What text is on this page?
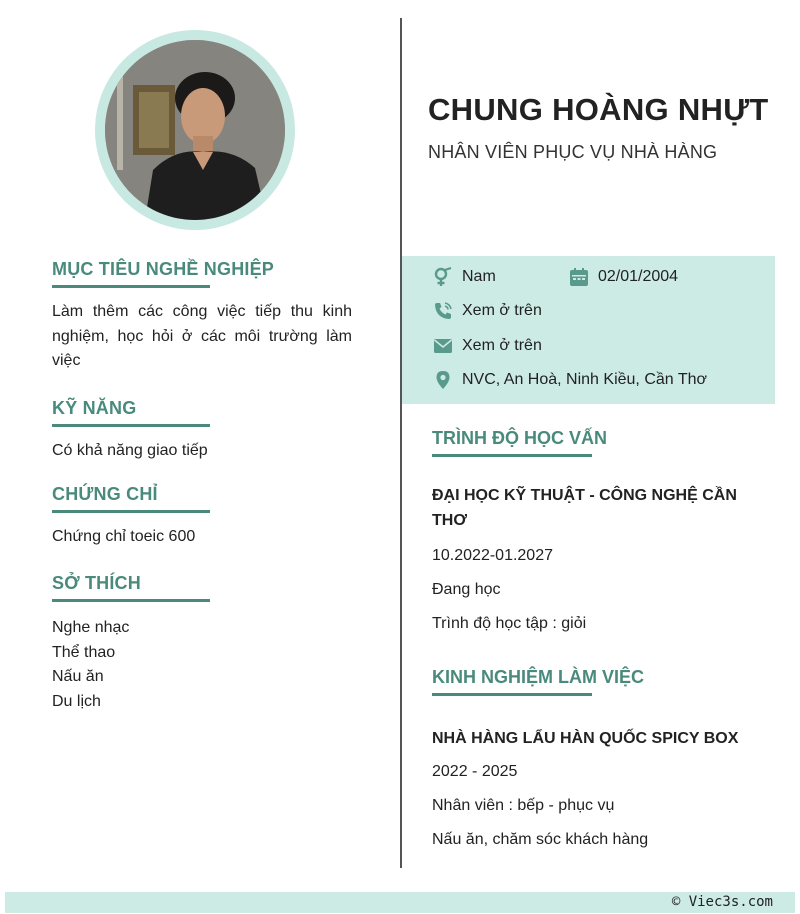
MỤC TIÊU NGHỀ NGHIỆP
Làm thêm các công việc tiếp thu kinh nghiệm, học hỏi ở các môi trường làm việc
KỸ NĂNG
Có khả năng giao tiếp
CHỨNG CHỈ
Chứng chỉ toeic 600
SỞ THÍCH
Nghe nhạc
Thể thao
Nấu ăn
Du lịch
CHUNG HOÀNG NHỰT
NHÂN VIÊN PHỤC VỤ NHÀ HÀNG
Nam	02/01/2004
Xem ở trên
Xem ở trên
NVC, An Hoà, Ninh Kiều, Cần Thơ
TRÌNH ĐỘ HỌC VẤN
ĐẠI HỌC KỸ THUẬT - CÔNG NGHỆ CẦN THƠ
10.2022-01.2027
Đang học
Trình độ học tập : giỏi
KINH NGHIỆM LÀM VIỆC
NHÀ HÀNG LẨU HÀN QUỐC SPICY BOX
2022 - 2025
Nhân viên : bếp - phục vụ
Nấu ăn, chăm sóc khách hàng
© Viec3s.com
